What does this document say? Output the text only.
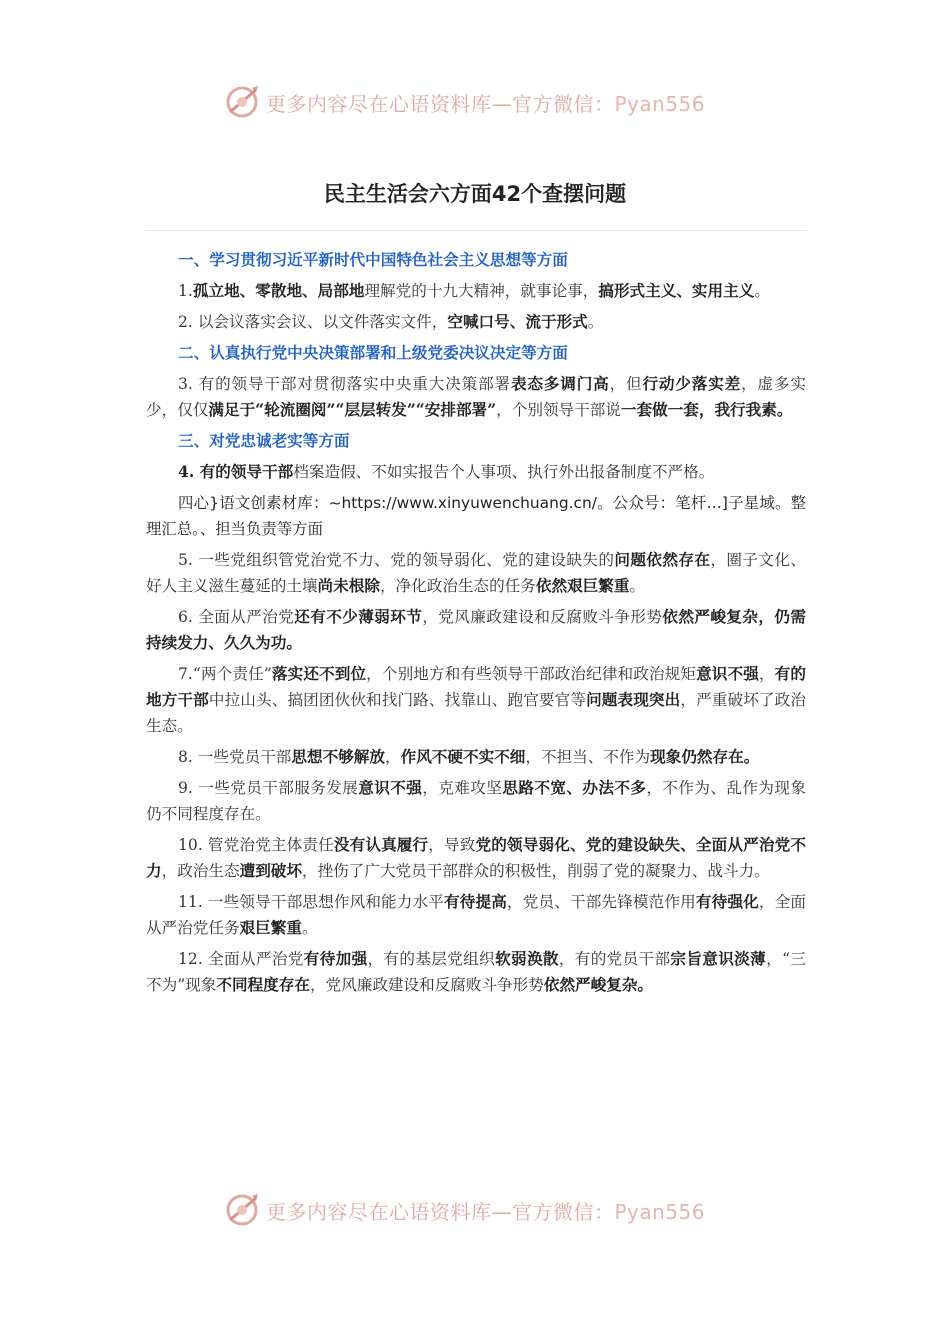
更多内容尽在心语资料库—官方微信：Pyan556
民主生活会六方面42个查摆问题
一、学习贯彻习近平新时代中国特色社会主义思想等方面

1.孤立地、零散地、局部地理解党的十九大精神，就事论事，搞形式主义、实用主义。

2. 以会议落实会议、以文件落实文件，空喊口号、流于形式。

二、认真执行党中央决策部署和上级党委决议决定等方面

3. 有的领导干部对贯彻落实中央重大决策部署表态多调门高，但行动少落实差，虚多实少，仅仅满足于“轮流圈阅”“层层转发”“安排部署”，个别领导干部说一套做一套，我行我素。

三、对党忠诚老实等方面

4. 有的领导干部档案造假、不如实报告个人事项、执行外出报备制度不严格。

四心}语文创素材库：~https://www.xinyuwenchuang.cn/。公众号：笔杆…]子星域。整理汇总。、担当负责等方面

5. 一些党组织管党治党不力、党的领导弱化、党的建设缺失的问题依然存在，圈子文化、好人主义滋生蔓延的土壤尚未根除，净化政治生态的任务依然艰巨繁重。

6. 全面从严治党还有不少薄弱环节，党风廉政建设和反腐败斗争形势依然严峻复杂，仍需持续发力、久久为功。

7.“两个责任”落实还不到位，个别地方和有些领导干部政治纪律和政治规矩意识不强，有的地方干部中拉山头、搞团团伙伙和找门路、找靠山、跑官要官等问题表现突出，严重破坏了政治生态。

8. 一些党员干部思想不够解放，作风不硬不实不细，不担当、不作为现象仍然存在。

9. 一些党员干部服务发展意识不强，克难攻坚思路不宽、办法不多，不作为、乱作为现象仍不同程度存在。

10. 管党治党主体责任没有认真履行，导致党的领导弱化、党的建设缺失、全面从严治党不力，政治生态遭到破坏，挫伤了广大党员干部群众的积极性，削弱了党的凝聚力、战斗力。

11. 一些领导干部思想作风和能力水平有待提高，党员、干部先锋模范作用有待强化，全面从严治党任务艰巨繁重。

12. 全面从严治党有待加强，有的基层党组织软弱涣散，有的党员干部宗旨意识淡薄，“三不为”现象不同程度存在，党风廉政建设和反腐败斗争形势依然严峻复杂。

更多内容尽在心语资料库—官方微信：Pyan556
